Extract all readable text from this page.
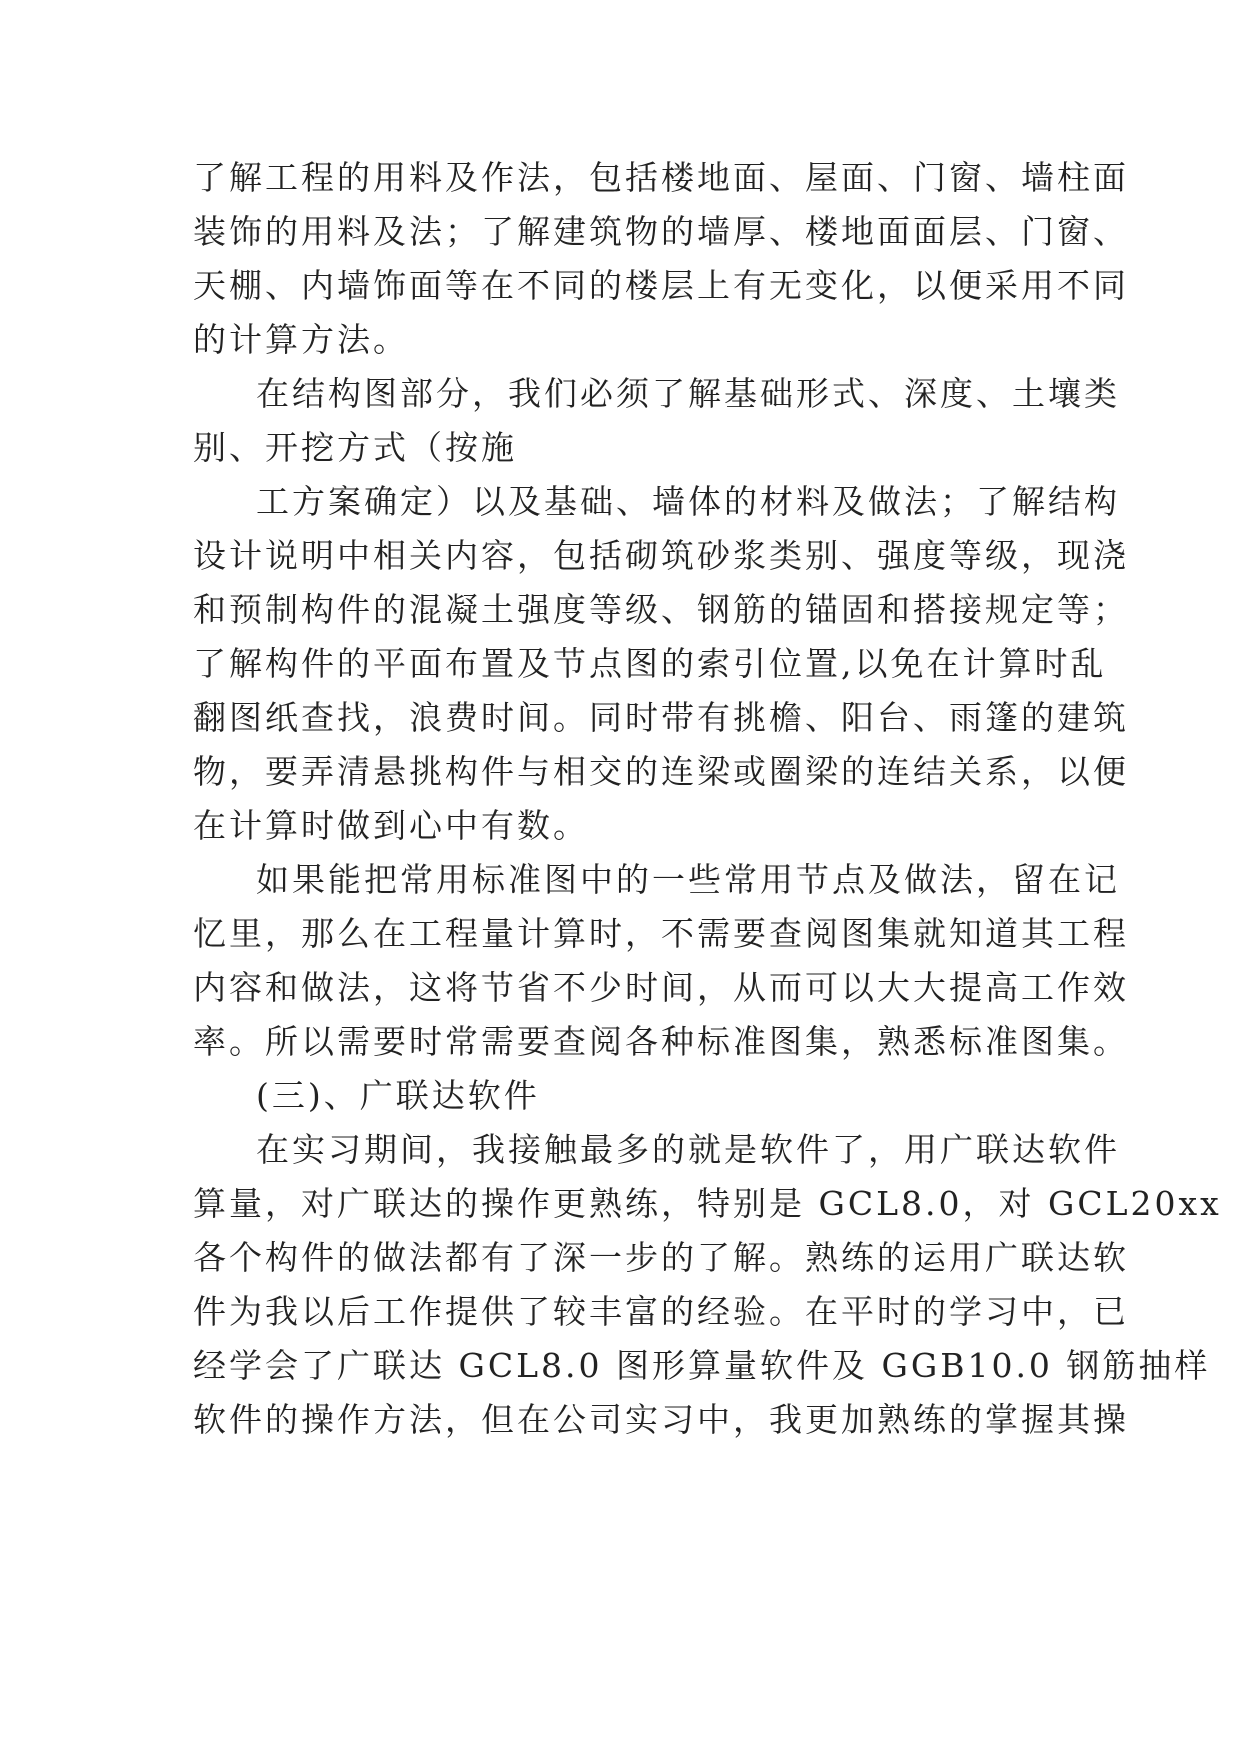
了解工程的用料及作法，包括楼地面、屋面、门窗、墙柱面
装饰的用料及法；了解建筑物的墙厚、楼地面面层、门窗、
天棚、内墙饰面等在不同的楼层上有无变化，以便采用不同
的计算方法。
在结构图部分，我们必须了解基础形式、深度、土壤类
别、开挖方式（按施
工方案确定）以及基础、墙体的材料及做法；了解结构
设计说明中相关内容，包括砌筑砂浆类别、强度等级，现浇
和预制构件的混凝土强度等级、钢筋的锚固和搭接规定等；
了解构件的平面布置及节点图的索引位置,以免在计算时乱
翻图纸查找，浪费时间。同时带有挑檐、阳台、雨篷的建筑
物，要弄清悬挑构件与相交的连梁或圈梁的连结关系，以便
在计算时做到心中有数。
如果能把常用标准图中的一些常用节点及做法，留在记
忆里，那么在工程量计算时，不需要查阅图集就知道其工程
内容和做法，这将节省不少时间，从而可以大大提高工作效
率。所以需要时常需要查阅各种标准图集，熟悉标准图集。
(三)、广联达软件
在实习期间，我接触最多的就是软件了，用广联达软件
算量，对广联达的操作更熟练，特别是 GCL8.0，对 GCL20xx
各个构件的做法都有了深一步的了解。熟练的运用广联达软
件为我以后工作提供了较丰富的经验。在平时的学习中，已
经学会了广联达 GCL8.0 图形算量软件及 GGB10.0 钢筋抽样
软件的操作方法，但在公司实习中，我更加熟练的掌握其操
